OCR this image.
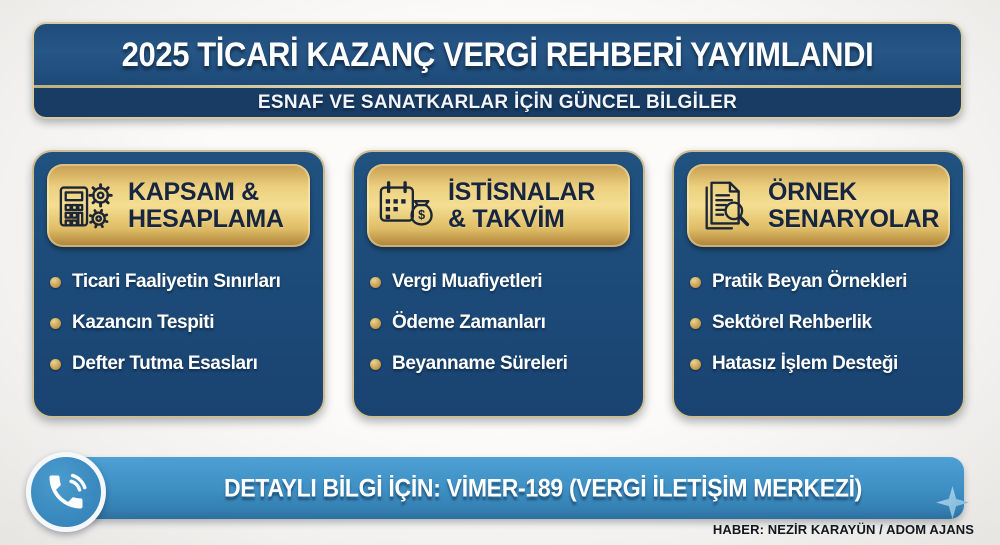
2025 TİCARİ KAZANÇ VERGİ REHBERİ YAYIMLANDI
ESNAF VE SANATKARLAR İÇİN GÜNCEL BİLGİLER
KAPSAM &
HESAPLAMA
Ticari Faaliyetin Sınırları
Kazancın Tespiti
Defter Tutma Esasları
$
İSTİSNALAR
& TAKVİM
Vergi Muafiyetleri
Ödeme Zamanları
Beyanname Süreleri
ÖRNEK
SENARYOLAR
Pratik Beyan Örnekleri
Sektörel Rehberlik
Hatasız İşlem Desteği
DETAYLI BİLGİ İÇİN: VİMER-189 (VERGİ İLETİŞİM MERKEZİ)
HABER: NEZİR KARAYÜN / ADOM AJANS
